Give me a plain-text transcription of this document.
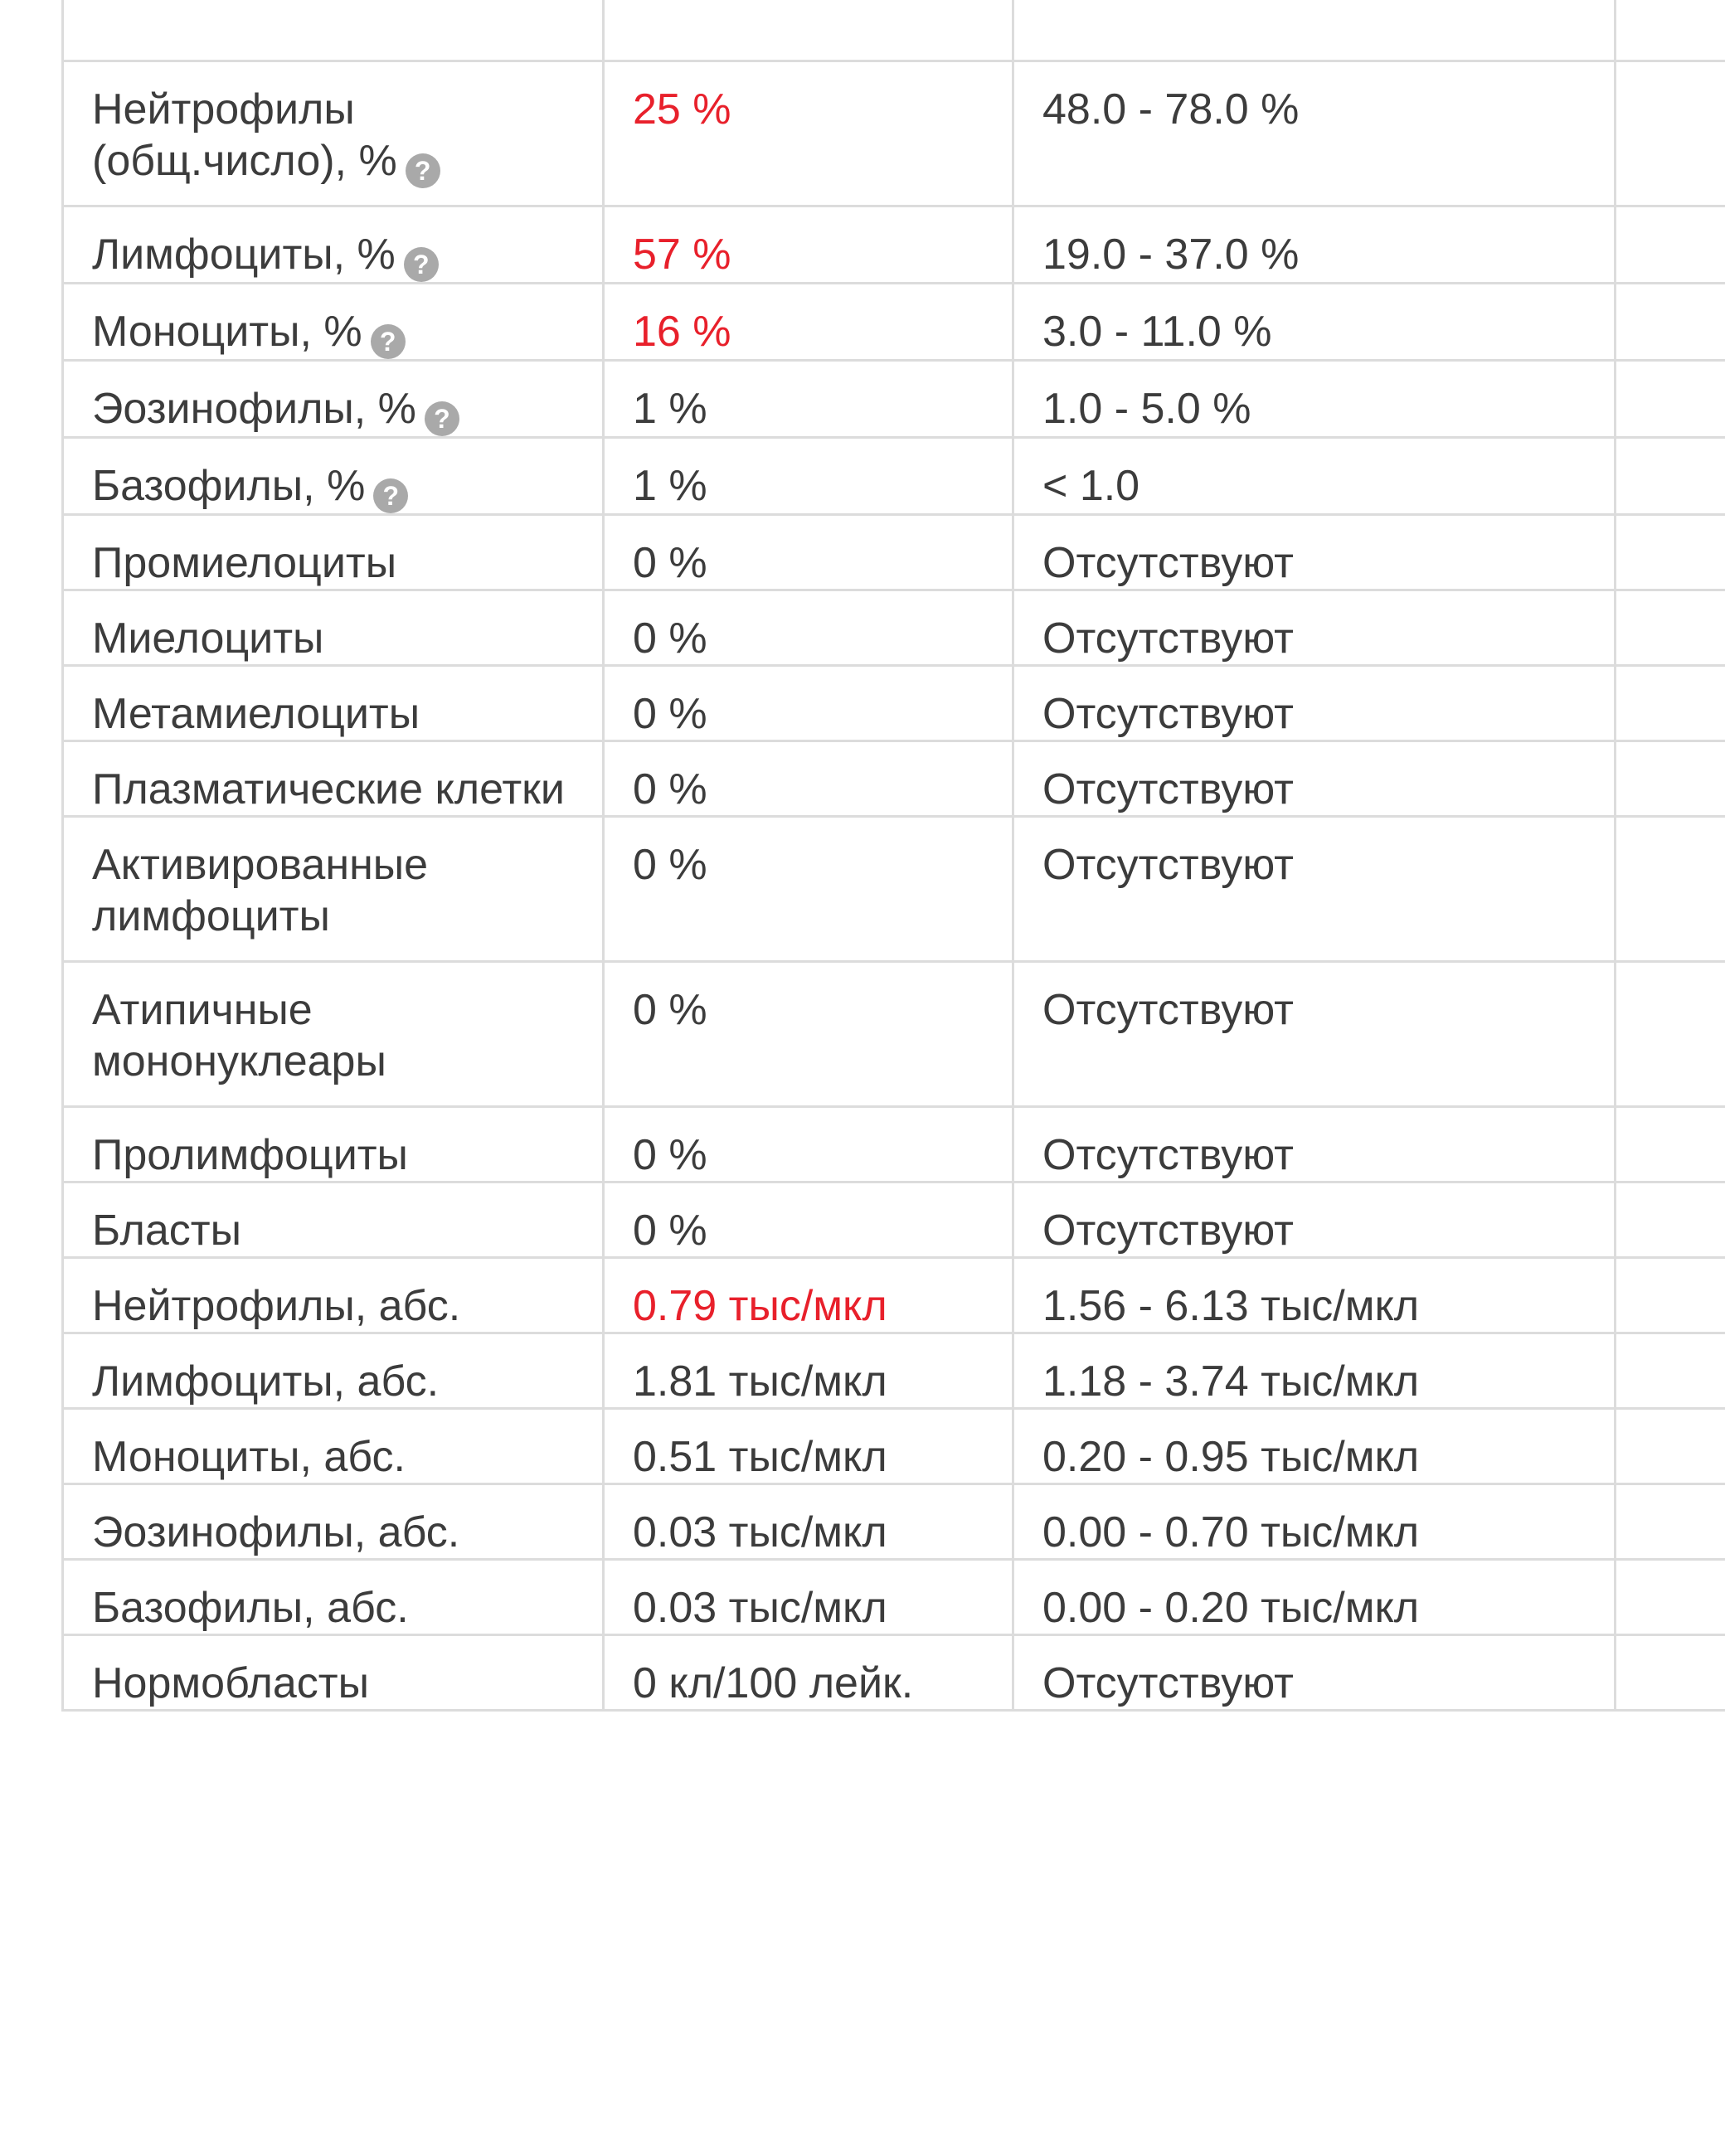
Нейтрофилы (общ.число), % ?	25 %	48.0 - 78.0 %	
Лимфоциты, % ?	57 %	19.0 - 37.0 %	
Моноциты, % ?	16 %	3.0 - 11.0 %	
Эозинофилы, % ?	1 %	1.0 - 5.0 %	
Базофилы, % ?	1 %	< 1.0	
Промиелоциты	0 %	Отсутствуют	
Миелоциты	0 %	Отсутствуют	
Метамиелоциты	0 %	Отсутствуют	
Плазматические клетки	0 %	Отсутствуют	
Активированные лимфоциты	0 %	Отсутствуют	
Атипичные мононуклеары	0 %	Отсутствуют	
Пролимфоциты	0 %	Отсутствуют	
Бласты	0 %	Отсутствуют	
Нейтрофилы, абс.	0.79 тыс/мкл	1.56 - 6.13 тыс/мкл	
Лимфоциты, абс.	1.81 тыс/мкл	1.18 - 3.74 тыс/мкл	
Моноциты, абс.	0.51 тыс/мкл	0.20 - 0.95 тыс/мкл	
Эозинофилы, абс.	0.03 тыс/мкл	0.00 - 0.70 тыс/мкл	
Базофилы, абс.	0.03 тыс/мкл	0.00 - 0.20 тыс/мкл	
Нормобласты	0 кл/100 лейк.	Отсутствуют	
